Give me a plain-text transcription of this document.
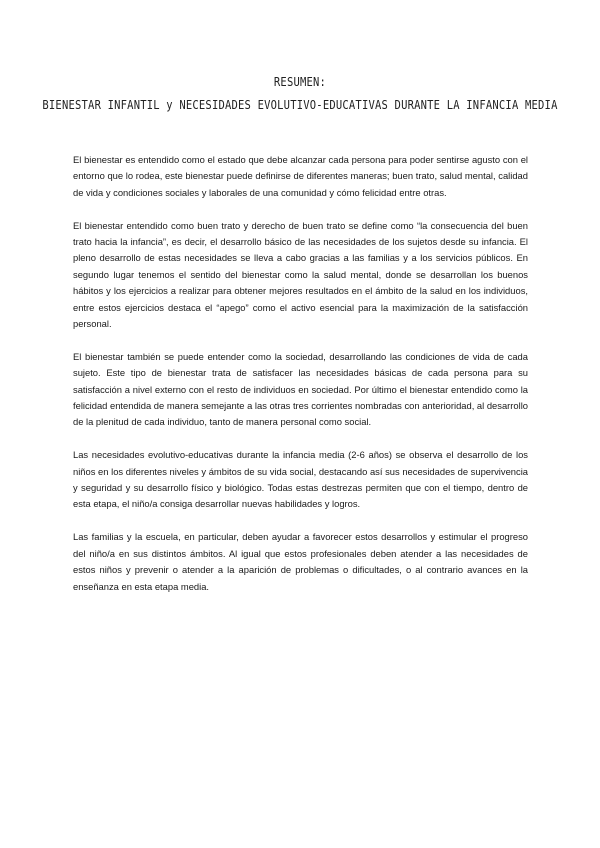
RESUMEN:
BIENESTAR INFANTIL y NECESIDADES EVOLUTIVO-EDUCATIVAS DURANTE LA INFANCIA MEDIA

El bienestar es entendido como el estado que debe alcanzar cada persona para poder sentirse agusto con el entorno que lo rodea, este bienestar puede definirse de diferentes maneras; buen trato, salud mental, calidad de vida y condiciones sociales y laborales de una comunidad y cómo felicidad entre otras.

El bienestar entendido como buen trato y derecho de buen trato se define como “la consecuencia del buen trato hacia la infancia”, es decir, el desarrollo básico de las necesidades de los sujetos desde su infancia. El pleno desarrollo de estas necesidades se lleva a cabo gracias a las familias y a los servicios públicos. En segundo lugar tenemos el sentido del bienestar como la salud mental, donde se desarrollan los buenos hábitos y los ejercicios a realizar para obtener mejores resultados en el ámbito de la salud en los individuos, entre estos ejercicios destaca el “apego” como el activo esencial para la maximización de la satisfacción personal.

El bienestar también se puede entender como la sociedad, desarrollando las condiciones de vida de cada sujeto. Este tipo de bienestar trata de satisfacer las necesidades básicas de cada persona para su satisfacción a nivel externo con el resto de individuos en sociedad. Por último el bienestar entendido como la felicidad entendida de manera semejante a las otras tres corrientes nombradas con anterioridad, al desarrollo de la plenitud de cada individuo, tanto de manera personal como social.

Las necesidades evolutivo-educativas durante la infancia media (2-6 años) se observa el desarrollo de los niños en los diferentes niveles y ámbitos de su vida social, destacando así sus necesidades de supervivencia y seguridad y su desarrollo físico y biológico. Todas estas destrezas permiten que con el tiempo, dentro de esta etapa, el niño/a consiga desarrollar nuevas habilidades y logros.

Las familias y la escuela, en particular, deben ayudar a favorecer estos desarrollos y estimular el progreso del niño/a en sus distintos ámbitos. Al igual que estos profesionales deben atender a las necesidades de estos niños y prevenir o atender a la aparición de problemas o dificultades, o al contrario avances en la enseñanza en esta etapa media.
